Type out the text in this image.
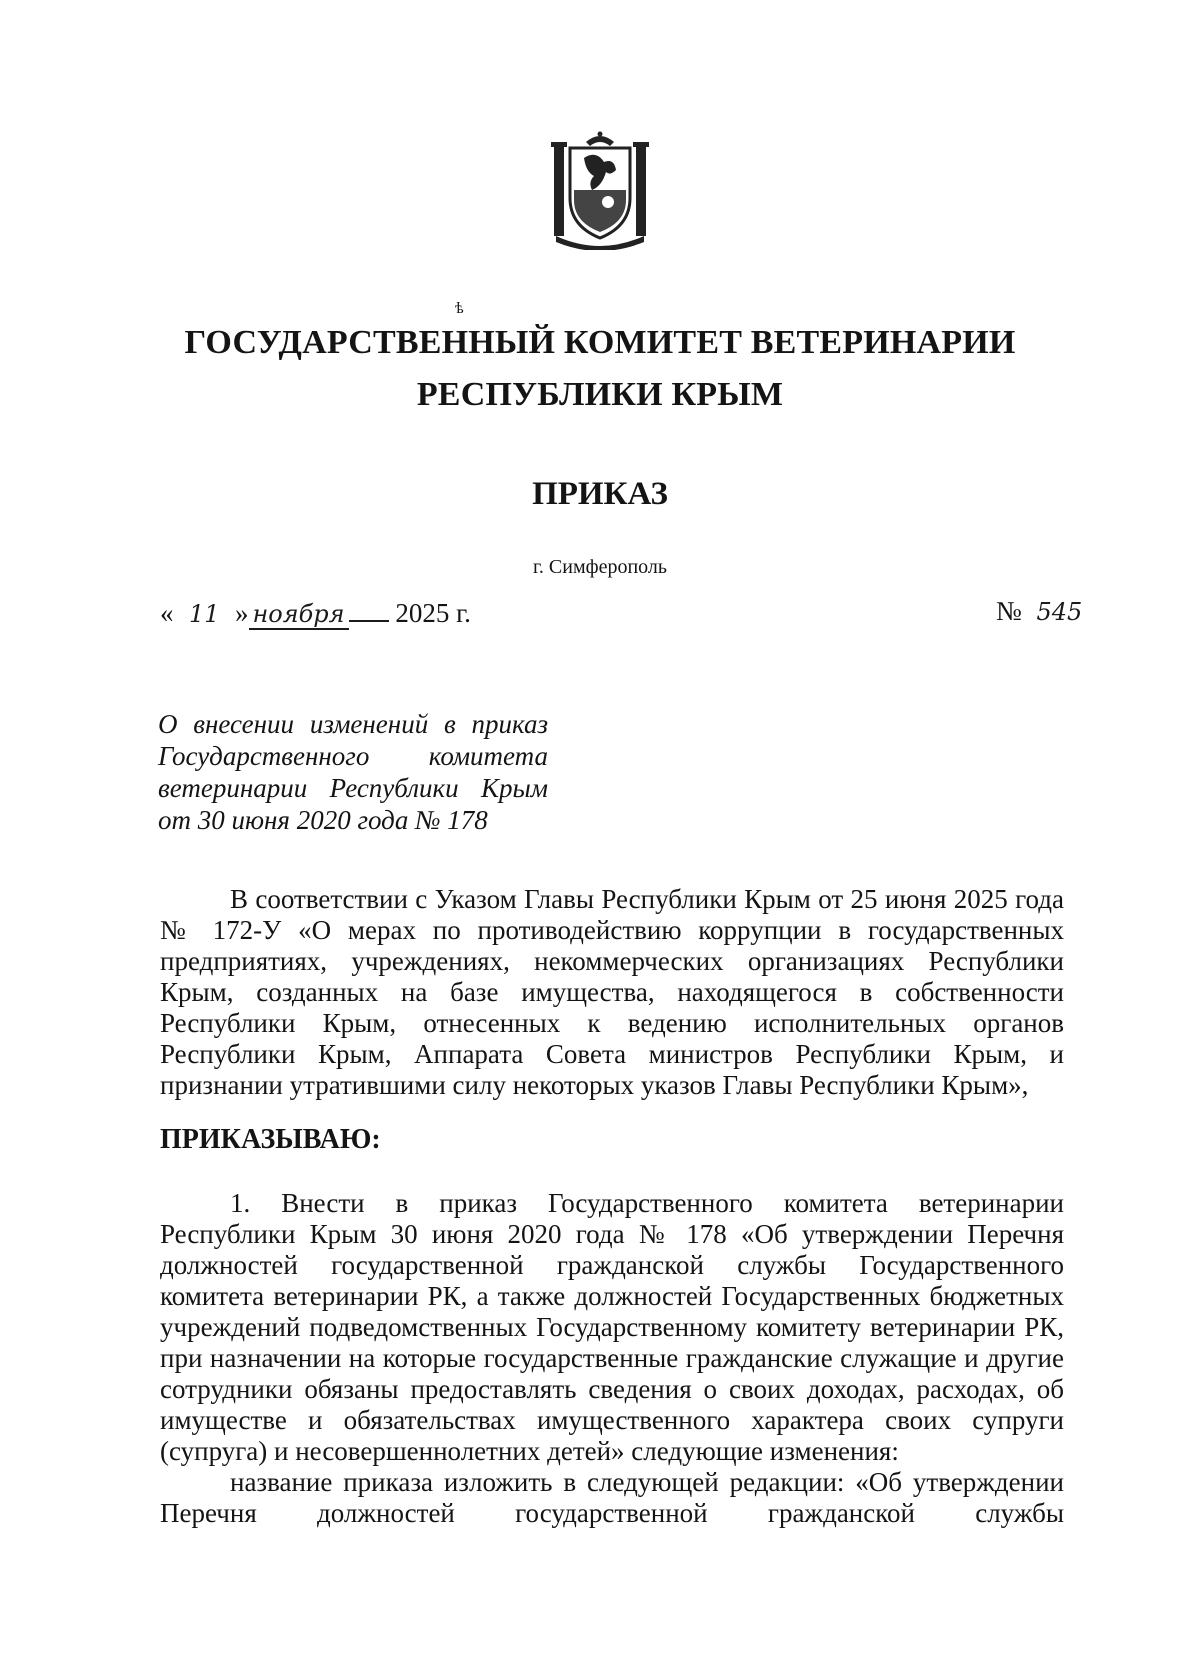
ѣ
ГОСУДАРСТВЕННЫЙ КОМИТЕТ ВЕТЕРИНАРИИ
РЕСПУБЛИКИ КРЫМ
ПРИКАЗ
г. Симферополь
« 11 » ноября 2025 г.	№ 545
О внесении изменений в приказ
Государственного комитета
ветеринарии Республики Крым
от 30 июня 2020 года № 178
В соответствии с Указом Главы Республики Крым от 25 июня 2025 года
№ 172-У «О мерах по противодействию коррупции в государственных
предприятиях, учреждениях, некоммерческих организациях Республики
Крым, созданных на базе имущества, находящегося в собственности
Республики Крым, отнесенных к ведению исполнительных органов
Республики Крым, Аппарата Совета министров Республики Крым, и
признании утратившими силу некоторых указов Главы Республики Крым»,
ПРИКАЗЫВАЮ:
1. Внести в приказ Государственного комитета ветеринарии
Республики Крым 30 июня 2020 года № 178 «Об утверждении Перечня
должностей государственной гражданской службы Государственного
комитета ветеринарии РК, а также должностей Государственных бюджетных
учреждений подведомственных Государственному комитету ветеринарии РК,
при назначении на которые государственные гражданские служащие и другие
сотрудники обязаны предоставлять сведения о своих доходах, расходах, об
имуществе и обязательствах имущественного характера своих супруги
(супруга) и несовершеннолетних детей» следующие изменения:
название приказа изложить в следующей редакции: «Об утверждении
Перечня должностей государственной гражданской службы
